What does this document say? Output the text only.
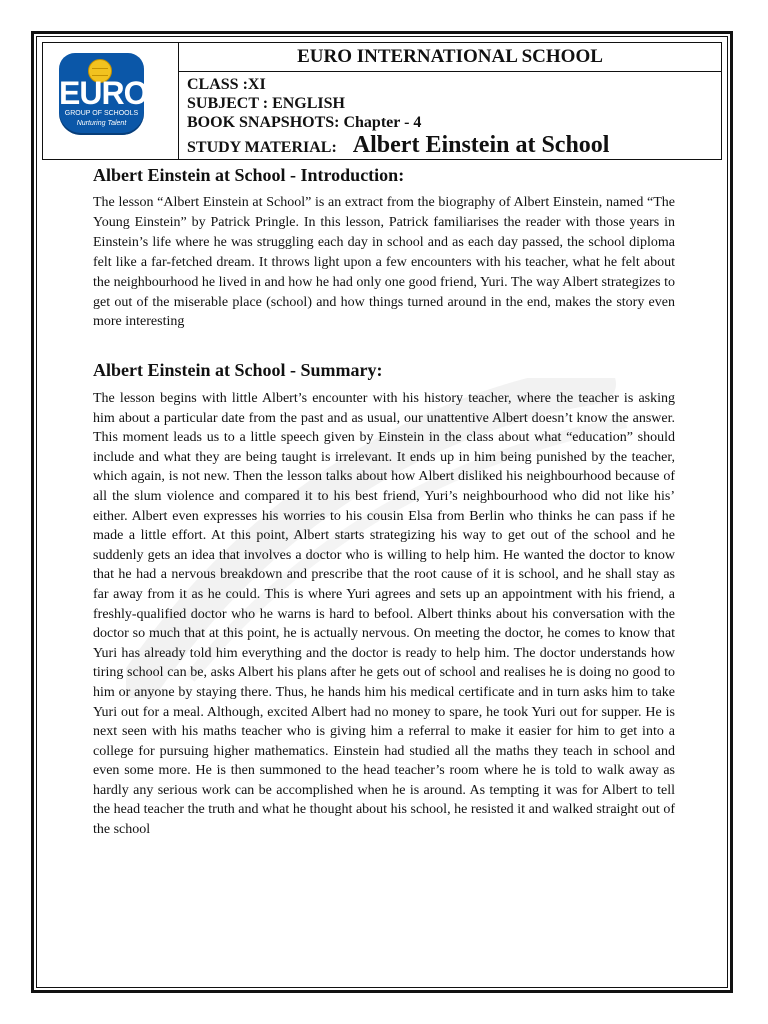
EURO
GROUP OF SCHOOLS
Nurturing Talent
EURO INTERNATIONAL SCHOOL
CLASS :XI
SUBJECT : ENGLISH
BOOK SNAPSHOTS: Chapter - 4
STUDY MATERIAL: Albert Einstein at School
Albert Einstein at School - Introduction:

The lesson “Albert Einstein at School” is an extract from the biography of Albert Einstein, named “The Young Einstein” by Patrick Pringle. In this lesson, Patrick familiarises the reader with those years in Einstein’s life where he was struggling each day in school and as each day passed, the school diploma felt like a far-fetched dream. It throws light upon a few encounters with his teacher, what he felt about the neighbourhood he lived in and how he had only one good friend, Yuri. The way Albert strategizes to get out of the miserable place (school) and how things turned around in the end, makes the story even more interesting

Albert Einstein at School - Summary:

The lesson begins with little Albert’s encounter with his history teacher, where the teacher is asking him about a particular date from the past and as usual, our unattentive Albert doesn’t know the answer. This moment leads us to a little speech given by Einstein in the class about what “education” should include and what they are being taught is irrelevant. It ends up in him being punished by the teacher, which again, is not new. Then the lesson talks about how Albert disliked his neighbourhood because of all the slum violence and compared it to his best friend, Yuri’s neighbourhood who did not like his’ either. Albert even expresses his worries to his cousin Elsa from Berlin who thinks he can pass if he made a little effort. At this point, Albert starts strategizing his way to get out of the school and he suddenly gets an idea that involves a doctor who is willing to help him. He wanted the doctor to know that he had a nervous breakdown and prescribe that the root cause of it is school, and he shall stay as far away from it as he could. This is where Yuri agrees and sets up an appointment with his friend, a freshly-qualified doctor who he warns is hard to befool. Albert thinks about his conversation with the doctor so much that at this point, he is actually nervous. On meeting the doctor, he comes to know that Yuri has already told him everything and the doctor is ready to help him. The doctor understands how tiring school can be, asks Albert his plans after he gets out of school and realises he is doing no good to him or anyone by staying there. Thus, he hands him his medical certificate and in turn asks him to take Yuri out for a meal. Although, excited Albert had no money to spare, he took Yuri out for supper. He is next seen with his maths teacher who is giving him a referral to make it easier for him to get into a college for pursuing higher mathematics. Einstein had studied all the maths they teach in school and even some more. He is then summoned to the head teacher’s room where he is told to walk away as hardly any serious work can be accomplished when he is around. As tempting it was for Albert to tell the head teacher the truth and what he thought about his school, he resisted it and walked straight out of the school
